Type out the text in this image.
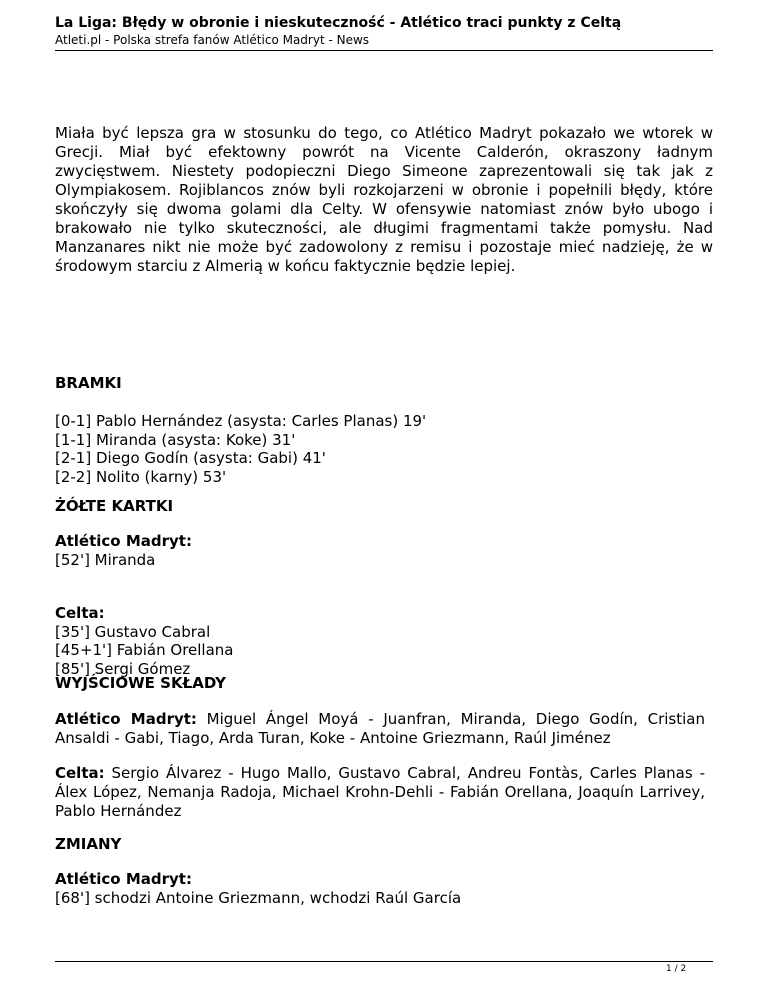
La Liga: Błędy w obronie i nieskuteczność - Atlético traci punkty z Celtą
Atleti.pl - Polska strefa fanów Atlético Madryt - News

Miała być lepsza gra w stosunku do tego, co Atlético Madryt pokazało we wtorek w Grecji. Miał być efektowny powrót na Vicente Calderón, okraszony ładnym zwycięstwem. Niestety podopieczni Diego Simeone zaprezentowali się tak jak z Olympiakosem. Rojiblancos znów byli rozkojarzeni w obronie i popełnili błędy, które skończyły się dwoma golami dla Celty. W ofensywie natomiast znów było ubogo i brakowało nie tylko skuteczności, ale długimi fragmentami także pomysłu. Nad Manzanares nikt nie może być zadowolony z remisu i pozostaje mieć nadzieję, że w środowym starciu z Almerią w końcu faktycznie będzie lepiej.

BRAMKI
[0-1] Pablo Hernández (asysta: Carles Planas) 19'
[1-1] Miranda (asysta: Koke) 31'
[2-1] Diego Godín (asysta: Gabi) 41'
[2-2] Nolito (karny) 53'
ŻÓŁTE KARTKI
Atlético Madryt:
[52'] Miranda
Celta:
[35'] Gustavo Cabral
[45+1'] Fabián Orellana
[85'] Sergi Gómez
WYJŚCIOWE SKŁADY

Atlético Madryt: Miguel Ángel Moyá - Juanfran, Miranda, Diego Godín, Cristian Ansaldi - Gabi, Tiago, Arda Turan, Koke - Antoine Griezmann, Raúl Jiménez

Celta: Sergio Álvarez - Hugo Mallo, Gustavo Cabral, Andreu Fontàs, Carles Planas - Álex López, Nemanja Radoja, Michael Krohn-Dehli - Fabián Orellana, Joaquín Larrivey, Pablo Hernández

ZMIANY
Atlético Madryt:
[68'] schodzi Antoine Griezmann, wchodzi Raúl García
1 / 2
